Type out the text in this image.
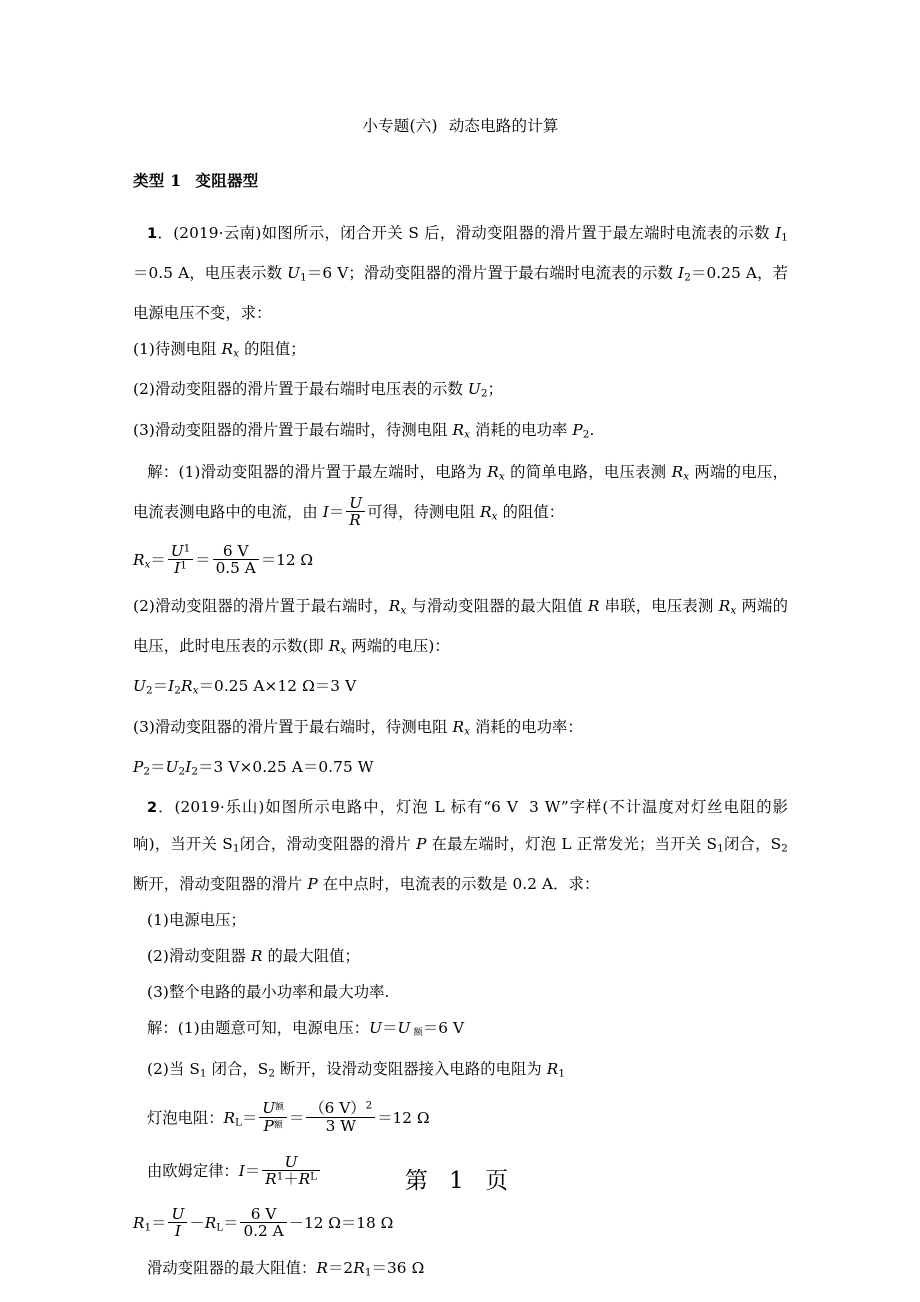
小专题(六) 动态电路的计算
类型 1 变阻器型

1．(2019·云南)如图所示，闭合开关 S 后，滑动变阻器的滑片置于最左端时电流表的示数 $I_1=0.5$ A，电压表示数 $U_1=6$ V；滑动变阻器的滑片置于最右端时电流表的示数 $I_2=0.25$ A，若电源电压不变，求：

(1)待测电阻 $R_x$ 的阻值；

(2)滑动变阻器的滑片置于最右端时电压表的示数 $U_2$；

(3)滑动变阻器的滑片置于最右端时，待测电阻 $R_x$ 消耗的电功率 $P_2$.

解：(1)滑动变阻器的滑片置于最左端时，电路为 $R_x$ 的简单电路，电压表测 $R_x$ 两端的电压，电流表测电路中的电流，由 $I= \frac{U}{R}$ 可得，待测电阻 $R_x$ 的阻值：

$R_x= \frac{U^1}{I^1} = \frac{6 V}{0.5 A} =12$ Ω

(2)滑动变阻器的滑片置于最右端时，$R_x$ 与滑动变阻器的最大阻值 R 串联，电压表测 $R_x$ 两端的电压，此时电压表的示数(即 $R_x$ 两端的电压)：

$U_2=I_2R_x=0.25$ A×12 Ω＝3 V

(3)滑动变阻器的滑片置于最右端时，待测电阻 $R_x$ 消耗的电功率：

$P_2=U_2I_2=3$ V×0.25 A＝0.75 W

2．(2019·乐山)如图所示电路中，灯泡 L 标有“6 V 3 W”字样(不计温度对灯丝电阻的影响)，当开关 $S_1$闭合，滑动变阻器的滑片 P 在最左端时，灯泡 L 正常发光；当开关 $S_1$闭合，$S_2$ 断开，滑动变阻器的滑片 P 在中点时，电流表的示数是 0.2 A．求：

(1)电源电压；

(2)滑动变阻器 R 的最大阻值；

(3)整个电路的最小功率和最大功率.

解：(1)由题意可知，电源电压：U＝U $_额$＝6 V

(2)当 $S_1$ 闭合，$S_2$ 断开，设滑动变阻器接入电路的电阻为 $R_1$

灯泡电阻：$R_L= \frac{U^额}{P^额} = \frac{(6 V)^2}{3 W} =12$ Ω
由欧姆定律：$I= \frac{U}{R^1+R^L}$
$R_1= \frac{U}{I} -R_L= \frac{6 V}{0.2 A} -12$ Ω＝18 Ω

滑动变阻器的最大阻值：$R=2R_1=36$ Ω

第 1 页
